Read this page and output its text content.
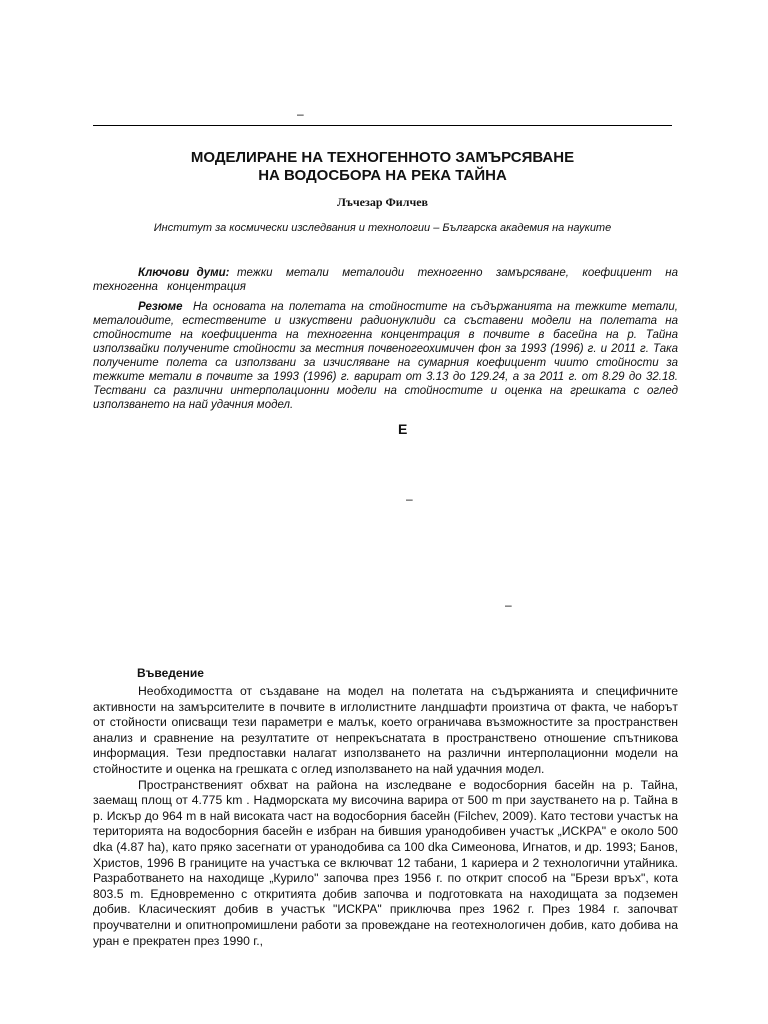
–
МОДЕЛИРАНЕ НА ТЕХНОГЕННОТО ЗАМЪРСЯВАНЕ
НА ВОДОСБОРА НА РЕКА ТАЙНА
Лъчезар Филчев
Институт за космически изследвания и технологии – Българска академия на науките
Ключови думи: тежки метали металоиди техногенно замърсяване, коефициент на техногенна концентрация
Резюме На основата на полетата на стойностите на съдържанията на тежките метали, металоидите, естествените и изкуствени радионуклиди са съставени модели на полетата на стойностите на коефициента на техногенна концентрация в почвите в басейна на р. Тайна използвайки получените стойности за местния почвеногеохимичен фон за 1993 (1996) г. и 2011 г. Така получените полета са използвани за изчисляване на сумарния коефициент чиито стойности за тежките метали в почвите за 1993 (1996) г. варират от 3.13 до 129.24, а за 2011 г. от 8.29 до 32.18. Тествани са различни интерполационни модели на стойностите и оценка на грешката с оглед използването на най удачния модел.
E
–
–
Въведение

Необходимостта от създаване на модел на полетата на съдържанията и специфичните активности на замърсителите в почвите в иглолистните ландшафти произтича от факта, че наборът от стойности описващи тези параметри е малък, което ограничава възможностите за пространствен анализ и сравнение на резултатите от непрекъснатата в пространствено отношение спътникова информация. Тези предпоставки налагат използването на различни интерполационни модели на стойностите и оценка на грешката с оглед използването на най удачния модел.

Пространственият обхват на района на изследване е водосборния басейн на р. Тайна, заемащ площ от 4.775 km . Надморската му височина варира от 500 m при заустването на р. Тайна в р. Искър до 964 m в най високата част на водосборния басейн (Filchev, 2009). Като тестови участък на територията на водосборния басейн е избран на бившия уранодобивен участък „ИСКРА" е около 500 dka (4.87 ha), като пряко засегнати от уранодобива са 100 dka Симеонова, Игнатов, и др. 1993; Банов, Христов, 1996 В границите на участъка се включват 12 табани, 1 кариера и 2 технологични утайника. Разработването на находище „Курило" започва през 1956 г. по открит способ на "Брези връх", кота 803.5 m. Едновременно с откритията добив започва и подготовката на находищата за подземен добив. Класическият добив в участък "ИСКРА" приключва през 1962 г. През 1984 г. започват проучвателни и опитнопромишлени работи за провеждане на геотехнологичен добив, като добива на уран е прекратен през 1990 г.,
